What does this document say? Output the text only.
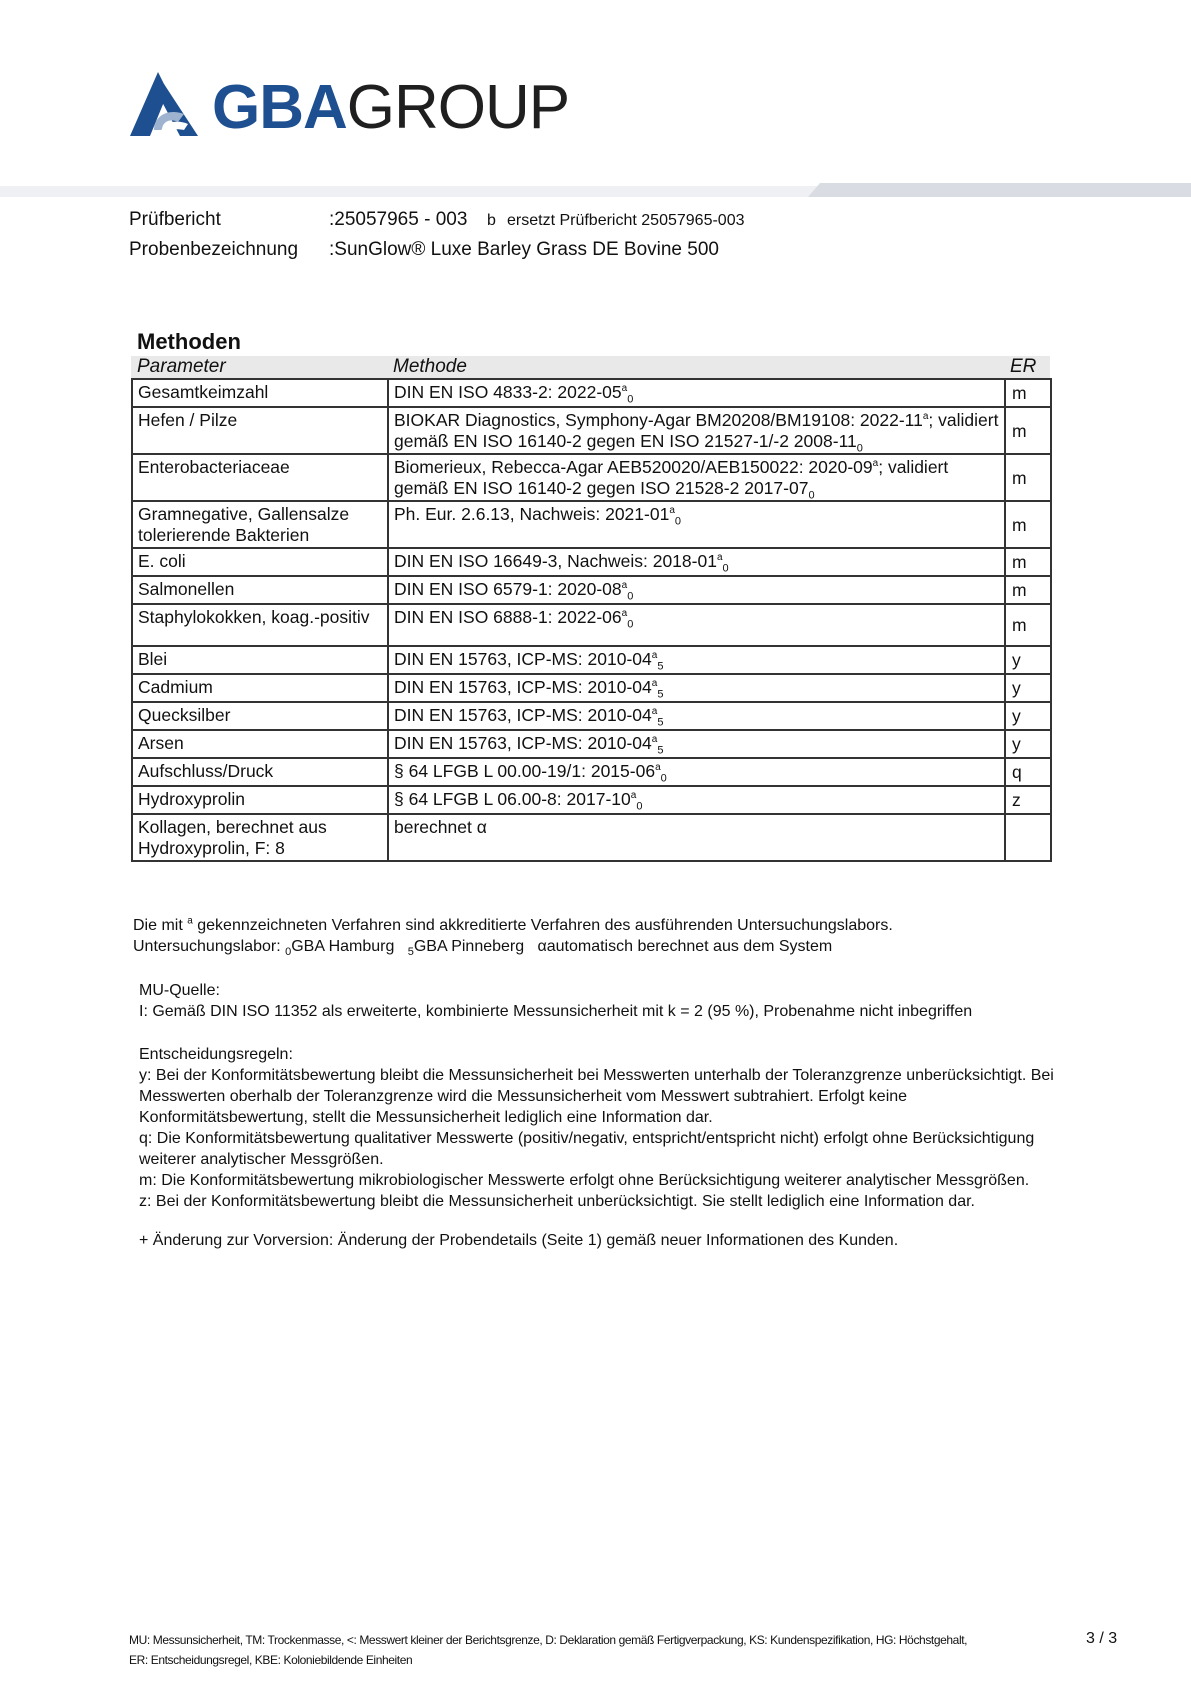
GBAGROUP
Prüfbericht	:25057965 - 003 b ersetzt Prüfbericht 25057965-003
Probenbezeichnung :SunGlow® Luxe Barley Grass DE Bovine 500
Methoden
Parameter	Methode	ER
Gesamtkeimzahl	DIN EN ISO 4833-2: $2022-05^a_0$	m
Hefen / Pilze	BIOKAR Diagnostics, Symphony-Agar BM20208/BM19108: 2022-11$^a$; validiert gemäß EN ISO 16140-2 gegen EN ISO 21527-1/-2 $2008-11_0$	m
Enterobacteriaceae	Biomerieux, Rebecca-Agar AEB520020/AEB150022: 2020-09$^a$; validiert gemäß EN ISO 16140-2 gegen ISO 21528-2 $2017-07_0$	m
Gramnegative, Gallensalze tolerierende Bakterien	Ph. Eur. 2.6.13, Nachweis: $2021-01^a_0$	m
E. coli	DIN EN ISO 16649-3, Nachweis: $2018-01^a_0$	m
Salmonellen	DIN EN ISO 6579-1: $2020-08^a_0$	m
Staphylokokken, koag.-positiv	DIN EN ISO 6888-1: $2022-06^a_0$	m
Blei	DIN EN 15763, ICP-MS: $2010-04^a_5$	y
Cadmium	DIN EN 15763, ICP-MS: $2010-04^a_5$	y
Quecksilber	DIN EN 15763, ICP-MS: $2010-04^a_5$	y
Arsen	DIN EN 15763, ICP-MS: $2010-04^a_5$	y
Aufschluss/Druck	§ 64 LFGB L 00.00-19/1: $2015-06^a_0$	q
Hydroxyprolin	§ 64 LFGB L 06.00-8: $2017-10^a_0$	z
Kollagen, berechnet aus Hydroxyprolin, F: 8	berechnet α	
Die mit $^a$ gekennzeichneten Verfahren sind akkreditierte Verfahren des ausführenden Untersuchungslabors.
Untersuchungslabor: $_0$GBA Hamburg $_5$GBA Pinneberg αautomatisch berechnet aus dem System
MU-Quelle:
I: Gemäß DIN ISO 11352 als erweiterte, kombinierte Messunsicherheit mit k = 2 (95 %), Probenahme nicht inbegriffen
Entscheidungsregeln:
y: Bei der Konformitätsbewertung bleibt die Messunsicherheit bei Messwerten unterhalb der Toleranzgrenze unberücksichtigt. Bei Messwerten oberhalb der Toleranzgrenze wird die Messunsicherheit vom Messwert subtrahiert. Erfolgt keine Konformitätsbewertung, stellt die Messunsicherheit lediglich eine Information dar.
q: Die Konformitätsbewertung qualitativer Messwerte (positiv/negativ, entspricht/entspricht nicht) erfolgt ohne Berücksichtigung weiterer analytischer Messgrößen.
m: Die Konformitätsbewertung mikrobiologischer Messwerte erfolgt ohne Berücksichtigung weiterer analytischer Messgrößen.
z: Bei der Konformitätsbewertung bleibt die Messunsicherheit unberücksichtigt. Sie stellt lediglich eine Information dar.
+ Änderung zur Vorversion: Änderung der Probendetails (Seite 1) gemäß neuer Informationen des Kunden.
MU: Messunsicherheit, TM: Trockenmasse, <: Messwert kleiner der Berichtsgrenze, D: Deklaration gemäß Fertigverpackung, KS: Kundenspezifikation, HG: Höchstgehalt,
ER: Entscheidungsregel, KBE: Koloniebildende Einheiten
3 / 3
